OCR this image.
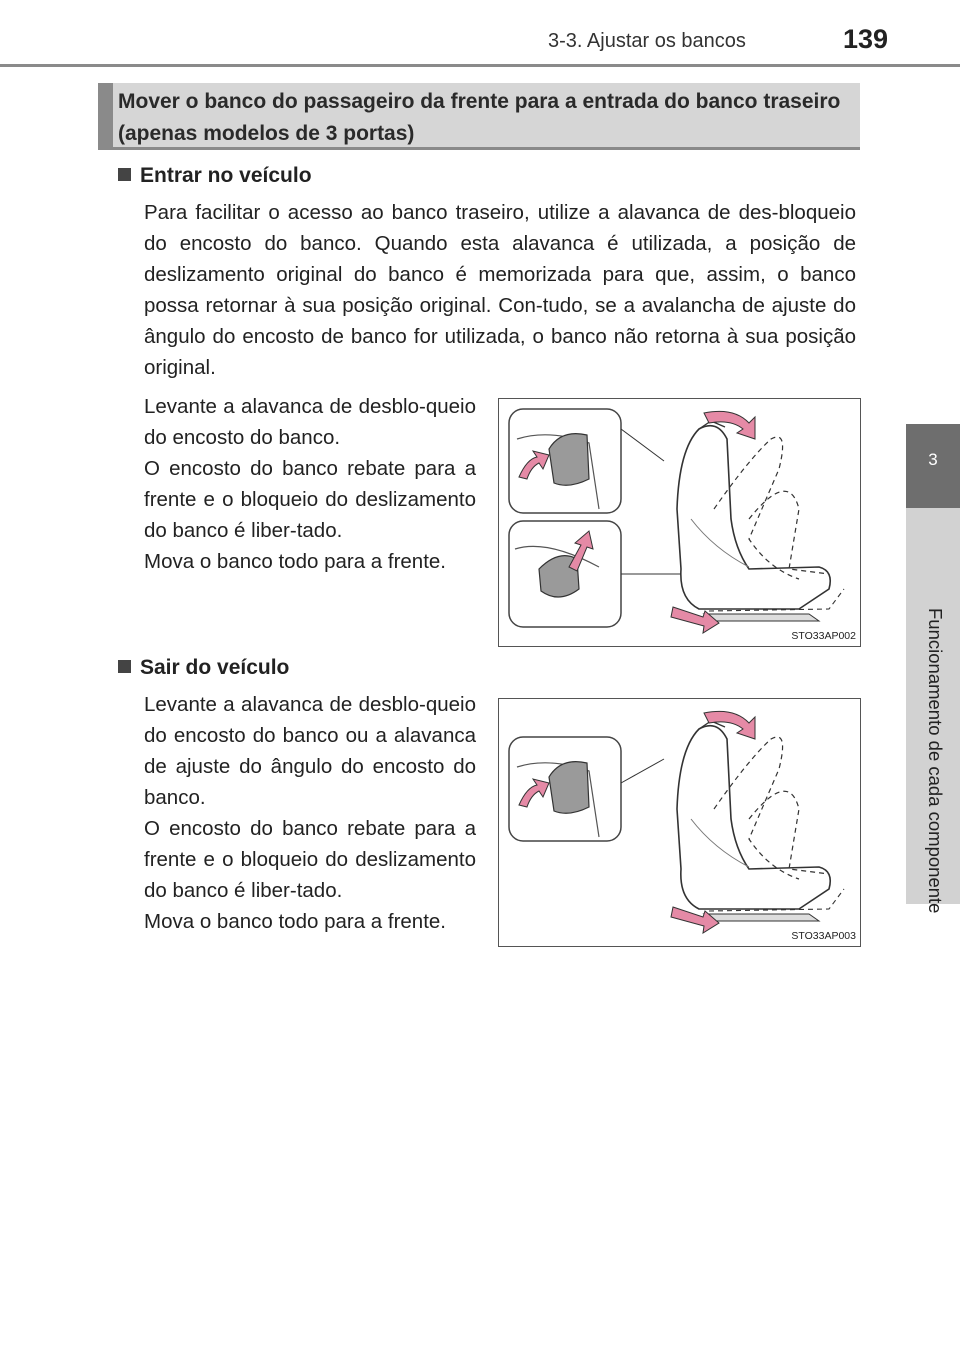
3-3. Ajustar os bancos	139
3
Funcionamento de cada componente
Mover o banco do passageiro da frente para a entrada do banco traseiro (apenas modelos de 3 portas)
Entrar no veículo

Para facilitar o acesso ao banco traseiro, utilize a alavanca de des-bloqueio do encosto do banco. Quando esta alavanca é utilizada, a posição de deslizamento original do banco é memorizada para que, assim, o banco possa retornar à sua posição original. Con-tudo, se a avalancha de ajuste do ângulo do encosto de banco for utilizada, o banco não retorna à sua posição original.

Levante a alavanca de desblo-queio do encosto do banco.

O encosto do banco rebate para a frente e o bloqueio do deslizamento do banco é liber-tado.

Mova o banco todo para a frente.

STO33AP002
Sair do veículo

Levante a alavanca de desblo-queio do encosto do banco ou a alavanca de ajuste do ângulo do encosto do banco.

O encosto do banco rebate para a frente e o bloqueio do deslizamento do banco é liber-tado.

Mova o banco todo para a frente.

STO33AP003
